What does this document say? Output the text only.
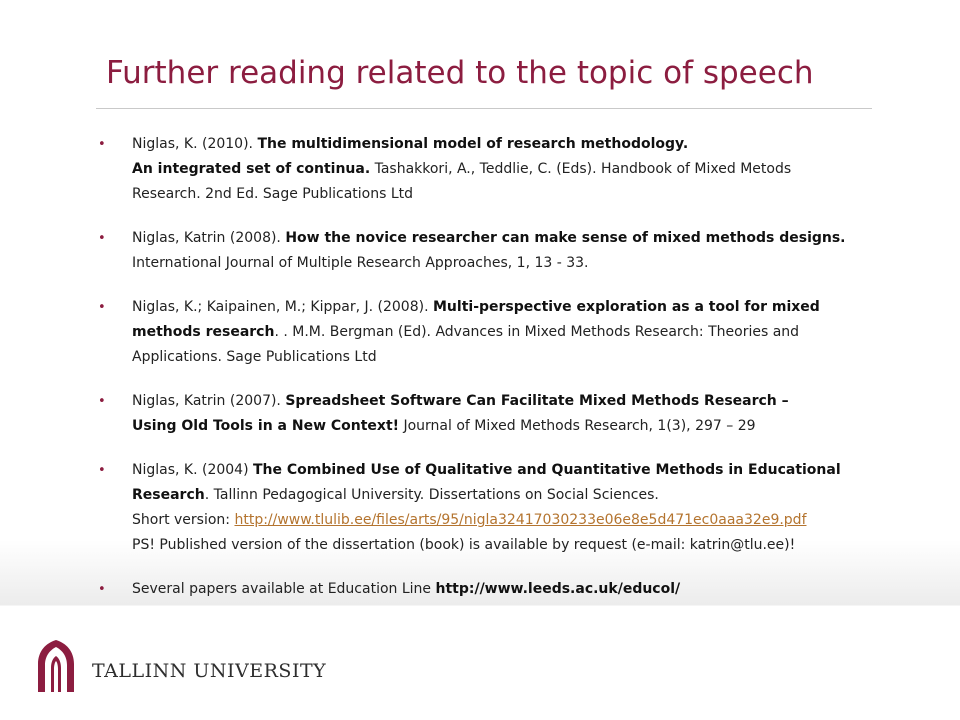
Further reading related to the topic of speech
• Niglas, K. (2010). The multidimensional model of research methodology.
An integrated set of continua. Tashakkori, A., Teddlie, C. (Eds). Handbook of Mixed Metods
Research. 2nd Ed. Sage Publications Ltd
• Niglas, Katrin (2008). How the novice researcher can make sense of mixed methods designs.
International Journal of Multiple Research Approaches, 1, 13 - 33.
• Niglas, K.; Kaipainen, M.; Kippar, J. (2008). Multi-perspective exploration as a tool for mixed
methods research. . M.M. Bergman (Ed). Advances in Mixed Methods Research: Theories and
Applications. Sage Publications Ltd
• Niglas, Katrin (2007). Spreadsheet Software Can Facilitate Mixed Methods Research –
Using Old Tools in a New Context! Journal of Mixed Methods Research, 1(3), 297 – 29
• Niglas, K. (2004) The Combined Use of Qualitative and Quantitative Methods in Educational
Research. Tallinn Pedagogical University. Dissertations on Social Sciences.
Short version: http://www.tlulib.ee/files/arts/95/nigla32417030233e06e8e5d471ec0aaa32e9.pdf
PS! Published version of the dissertation (book) is available by request (e-mail: katrin@tlu.ee)!
• Several papers available at Education Line http://www.leeds.ac.uk/educol/
TALLINN UNIVERSITY
